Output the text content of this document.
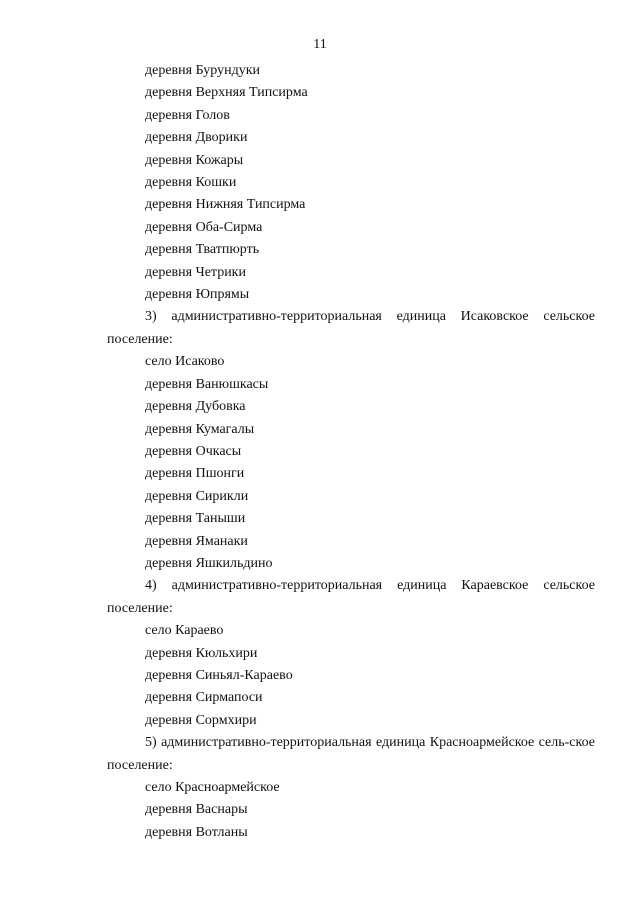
11
деревня Бурундуки
деревня Верхняя Типсирма
деревня Голов
деревня Дворики
деревня Кожары
деревня Кошки
деревня Нижняя Типсирма
деревня Оба-Сирма
деревня Тватпюрть
деревня Четрики
деревня Юпрямы
3) административно-территориальная единица Исаковское сельское поселение:
село Исаково
деревня Ванюшкасы
деревня Дубовка
деревня Кумагалы
деревня Очкасы
деревня Пшонги
деревня Сирикли
деревня Таныши
деревня Яманаки
деревня Яшкильдино
4) административно-территориальная единица Караевское сельское поселение:
село Караево
деревня Кюльхири
деревня Синьял-Караево
деревня Сирмапоси
деревня Сормхири
5) административно-территориальная единица Красноармейское сель-ское поселение:
село Красноармейское
деревня Васнары
деревня Вотланы
